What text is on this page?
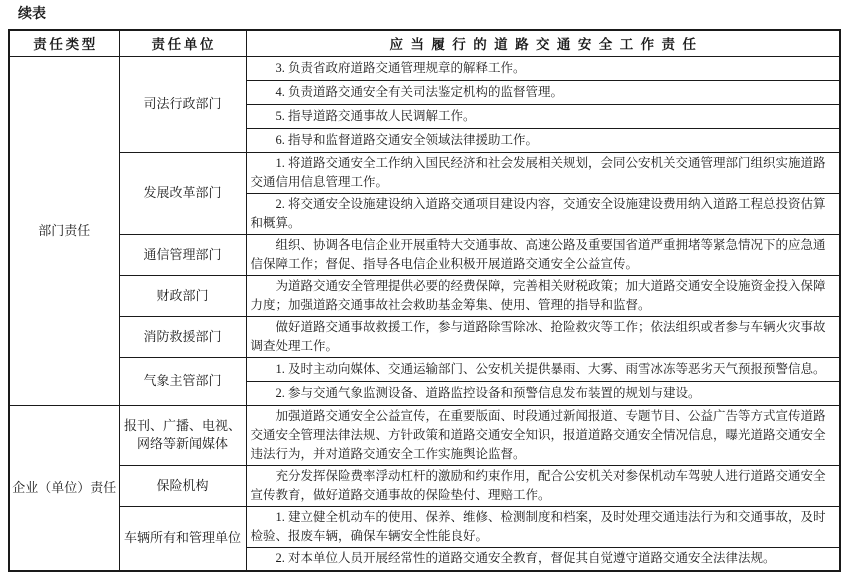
续表
责任类型	责任单位	应当履行的道路交通安全工作责任
部门责任	司法行政部门	3. 负责省政府道路交通管理规章的解释工作。

		4. 负责道路交通安全有关司法鉴定机构的监督管理。

		5. 指导道路交通事故人民调解工作。

		6. 指导和监督道路交通安全领域法律援助工作。

	发展改革部门	1. 将道路交通安全工作纳入国民经济和社会发展相关规划，会同公安机关交通管理部门组织实施道路交通信用信息管理工作。

		2. 将交通安全设施建设纳入道路交通项目建设内容，交通安全设施建设费用纳入道路工程总投资估算和概算。

	通信管理部门	组织、协调各电信企业开展重特大交通事故、高速公路及重要国省道严重拥堵等紧急情况下的应急通信保障工作；督促、指导各电信企业积极开展道路交通安全公益宣传。

	财政部门	为道路交通安全管理提供必要的经费保障，完善相关财税政策；加大道路交通安全设施资金投入保障力度；加强道路交通事故社会救助基金筹集、使用、管理的指导和监督。

	消防救援部门	做好道路交通事故救援工作，参与道路除雪除冰、抢险救灾等工作；依法组织或者参与车辆火灾事故调查处理工作。

	气象主管部门	1. 及时主动向媒体、交通运输部门、公安机关提供暴雨、大雾、雨雪冰冻等恶劣天气预报预警信息。

		2. 参与交通气象监测设备、道路监控设备和预警信息发布装置的规划与建设。

企业（单位）责任	报刊、广播、电视、网络等新闻媒体	加强道路交通安全公益宣传，在重要版面、时段通过新闻报道、专题节目、公益广告等方式宣传道路交通安全管理法律法规、方针政策和道路交通安全知识，报道道路交通安全情况信息，曝光道路交通安全违法行为，并对道路交通安全工作实施舆论监督。

	保险机构	充分发挥保险费率浮动杠杆的激励和约束作用，配合公安机关对参保机动车驾驶人进行道路交通安全宣传教育，做好道路交通事故的保险垫付、理赔工作。

	车辆所有和管理单位	1. 建立健全机动车的使用、保养、维修、检测制度和档案，及时处理交通违法行为和交通事故，及时检验、报废车辆，确保车辆安全性能良好。

		2. 对本单位人员开展经常性的道路交通安全教育，督促其自觉遵守道路交通安全法律法规。
